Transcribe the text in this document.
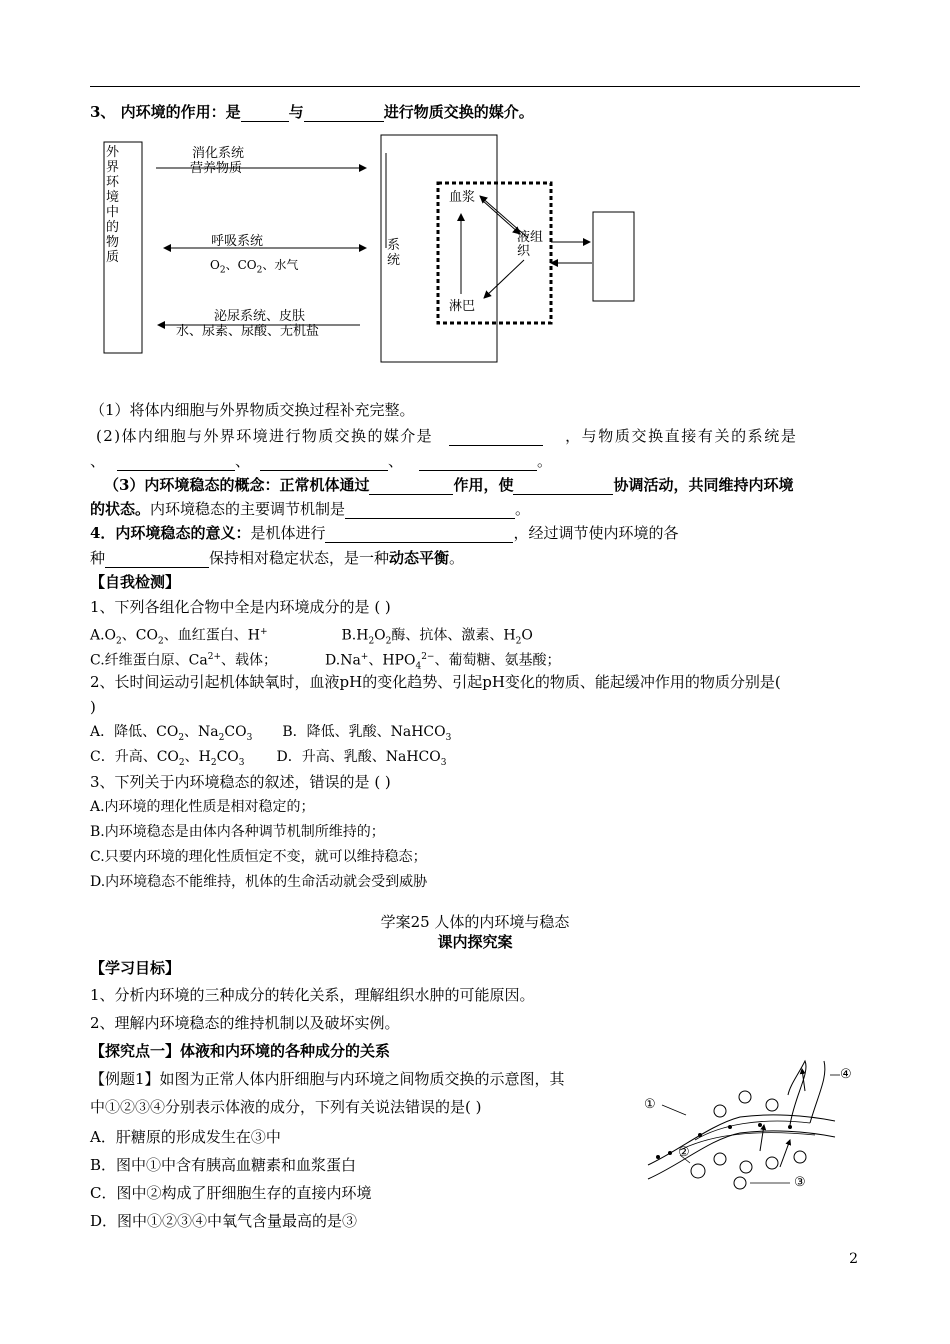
3、 内环境的作用：是	与	进行物质交换的媒介。
外界环境中的物质
消化系统
营养物质
呼吸系统
$O_2$、$CO_2$、水气
泌尿系统、皮肤
水、尿素、尿酸、无机盐
系统
血浆
液组织
淋巴
（1）将体内细胞与外界物质交换过程补充完整。
(2)体内细胞与外界环境进行物质交换的媒介是	，与物质交换直接有关的系统是
、	、	、	。
（3）内环境稳态的概念：正常机体通过	作用，使	协调活动，共同维持内环境
的状态。内环境稳态的主要调节机制是	。
4．内环境稳态的意义：是机体进行	，经过调节使内环境的各
种	保持相对稳定状态，是一种动态平衡。
【自我检测】
1、下列各组化合物中全是内环境成分的是 ( )
$A.O_2$、$CO_2$、血红蛋白、H+	$B.H_2O_2$酶、抗体、激素、$H_2O$
C.纤维蛋白原、$Ca^{2+}$、载体；	D.Na+、$HPO_4^{2-}$、葡萄糖、氨基酸；
2、长时间运动引起机体缺氧时，血液pH的变化趋势、引起pH变化的物质、能起缓冲作用的物质分别是(
)
A．降低、$CO_2$、$Na_2CO_3$ B．降低、乳酸、NaHCO$_3$
C．升高、$CO_2$、$H_2CO_3$ D．升高、乳酸、NaHCO$_3$
3、下列关于内环境稳态的叙述，错误的是 ( )
A.内环境的理化性质是相对稳定的；
B.内环境稳态是由体内各种调节机制所维持的；
C.只要内环境的理化性质恒定不变，就可以维持稳态；
D.内环境稳态不能维持，机体的生命活动就会受到威胁
学案25 人体的内环境与稳态
课内探究案
【学习目标】
1、分析内环境的三种成分的转化关系，理解组织水肿的可能原因。
2、理解内环境稳态的维持机制以及破坏实例。
【探究点一】体液和内环境的各种成分的关系
【例题1】如图为正常人体内肝细胞与内环境之间物质交换的示意图，其
中①②③④分别表示体液的成分，下列有关说法错误的是( )
A．肝糖原的形成发生在③中
B．图中①中含有胰高血糖素和血浆蛋白
C．图中②构成了肝细胞生存的直接内环境
D．图中①②③④中氧气含量最高的是③
①
②
③
④
2
